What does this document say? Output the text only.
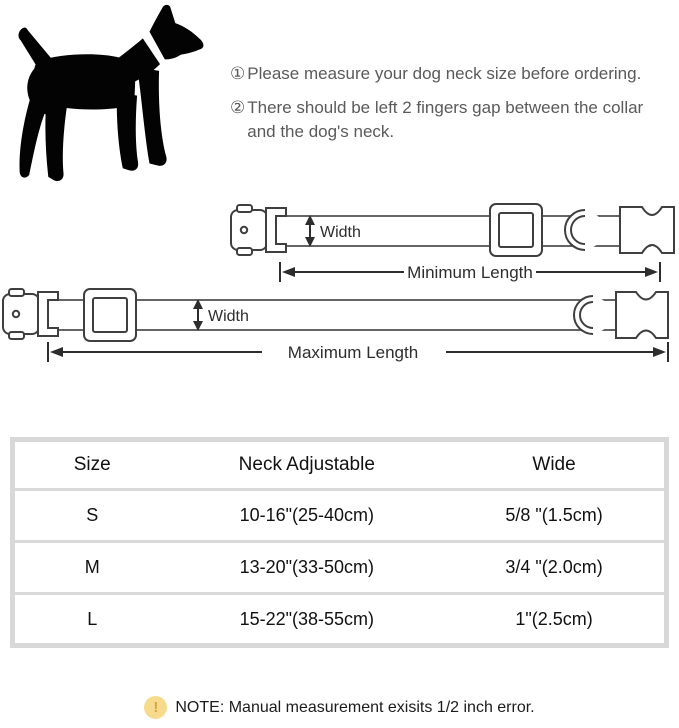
① Please measure your dog neck size before ordering.
② There should be left 2 fingers gap between the collar and the dog's neck.
Width
Minimum Length
Width
Maximum Length
Size	Neck Adjustable	Wide
S	10-16"(25-40cm)	5/8 "(1.5cm)
M	13-20"(33-50cm)	3/4 "(2.0cm)
L	15-22"(38-55cm)	1"(2.5cm)
!	NOTE: Manual measurement exisits 1/2 inch error.
